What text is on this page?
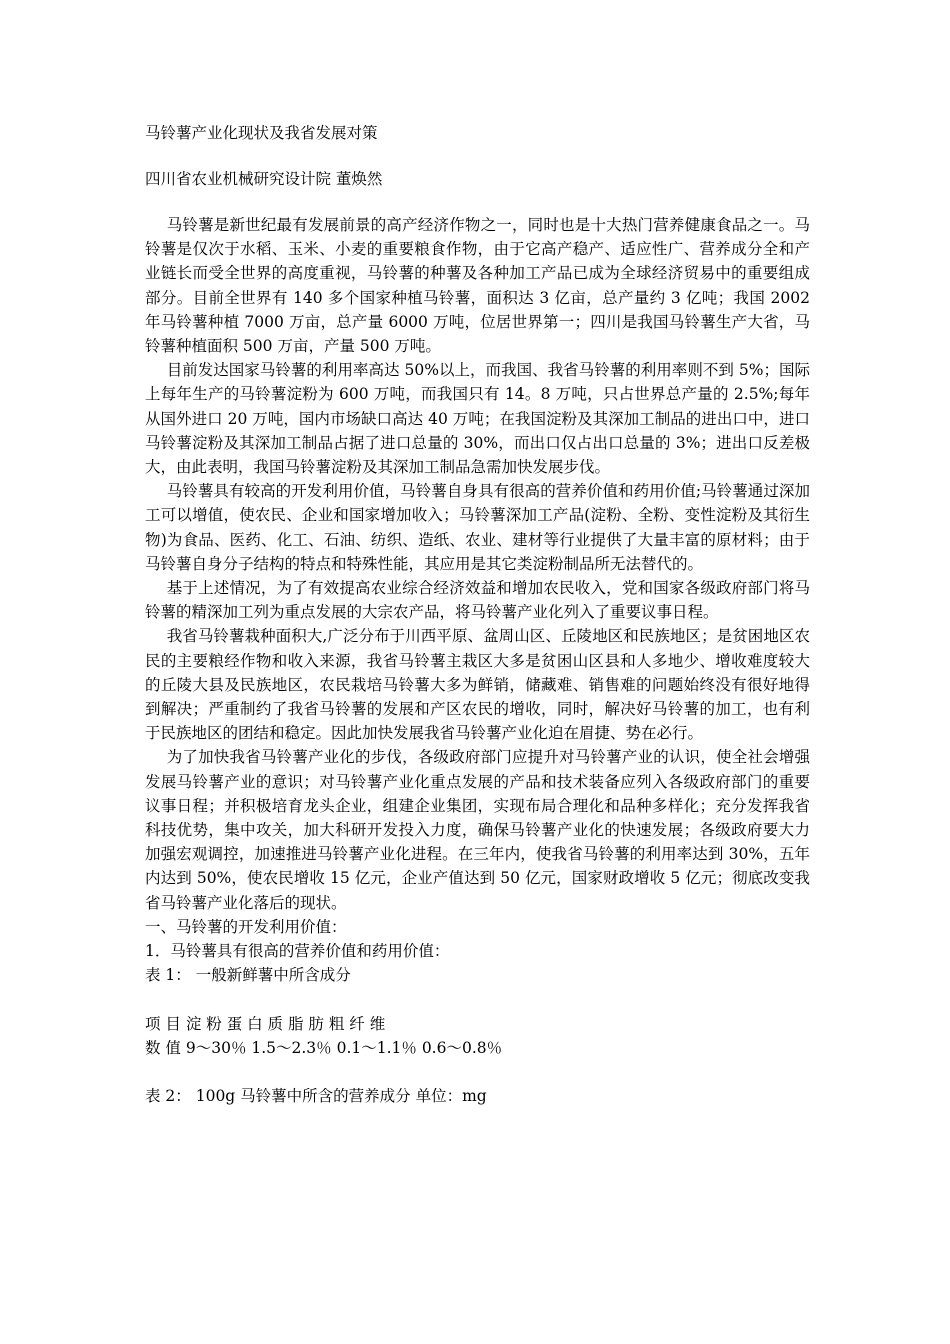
马铃薯产业化现状及我省发展对策

四川省农业机械研究设计院 董焕然

马铃薯是新世纪最有发展前景的高产经济作物之一，同时也是十大热门营养健康食品之一。马铃薯是仅次于水稻、玉米、小麦的重要粮食作物，由于它高产稳产、适应性广、营养成分全和产业链长而受全世界的高度重视，马铃薯的种薯及各种加工产品已成为全球经济贸易中的重要组成部分。目前全世界有 140 多个国家种植马铃薯，面积达 3 亿亩，总产量约 3 亿吨；我国 2002 年马铃薯种植 7000 万亩，总产量 6000 万吨，位居世界第一；四川是我国马铃薯生产大省，马铃薯种植面积 500 万亩，产量 500 万吨。

目前发达国家马铃薯的利用率高达 50%以上，而我国、我省马铃薯的利用率则不到 5%；国际上每年生产的马铃薯淀粉为 600 万吨，而我国只有 14。8 万吨，只占世界总产量的 2.5%;每年从国外进口 20 万吨，国内市场缺口高达 40 万吨；在我国淀粉及其深加工制品的进出口中，进口马铃薯淀粉及其深加工制品占据了进口总量的 30%，而出口仅占出口总量的 3%；进出口反差极大，由此表明，我国马铃薯淀粉及其深加工制品急需加快发展步伐。

马铃薯具有较高的开发利用价值，马铃薯自身具有很高的营养价值和药用价值;马铃薯通过深加工可以增值，使农民、企业和国家增加收入；马铃薯深加工产品(淀粉、全粉、变性淀粉及其衍生物)为食品、医药、化工、石油、纺织、造纸、农业、建材等行业提供了大量丰富的原材料；由于马铃薯自身分子结构的特点和特殊性能，其应用是其它类淀粉制品所无法替代的。

基于上述情况，为了有效提高农业综合经济效益和增加农民收入，党和国家各级政府部门将马铃薯的精深加工列为重点发展的大宗农产品，将马铃薯产业化列入了重要议事日程。

我省马铃薯栽种面积大,广泛分布于川西平原、盆周山区、丘陵地区和民族地区；是贫困地区农民的主要粮经作物和收入来源，我省马铃薯主栽区大多是贫困山区县和人多地少、增收难度较大的丘陵大县及民族地区，农民栽培马铃薯大多为鲜销，储藏难、销售难的问题始终没有很好地得到解决；严重制约了我省马铃薯的发展和产区农民的增收，同时，解决好马铃薯的加工，也有利于民族地区的团结和稳定。因此加快发展我省马铃薯产业化迫在眉捷、势在必行。

为了加快我省马铃薯产业化的步伐，各级政府部门应提升对马铃薯产业的认识，使全社会增强发展马铃薯产业的意识；对马铃薯产业化重点发展的产品和技术装备应列入各级政府部门的重要议事日程；并积极培育龙头企业，组建企业集团，实现布局合理化和品种多样化；充分发挥我省科技优势，集中攻关，加大科研开发投入力度，确保马铃薯产业化的快速发展；各级政府要大力加强宏观调控，加速推进马铃薯产业化进程。在三年内，使我省马铃薯的利用率达到 30%，五年内达到 50%，使农民增收 15 亿元，企业产值达到 50 亿元，国家财政增收 5 亿元；彻底改变我省马铃薯产业化落后的现状。

一、马铃薯的开发利用价值：

1．马铃薯具有很高的营养价值和药用价值：

表 1： 一般新鲜薯中所含成分

项 目 淀 粉 蛋 白 质 脂 肪 粗 纤 维

数 值 9～30％ 1.5～2.3％ 0.1～1.1％ 0.6～0.8％

表 2： 100g 马铃薯中所含的营养成分 单位：mg
